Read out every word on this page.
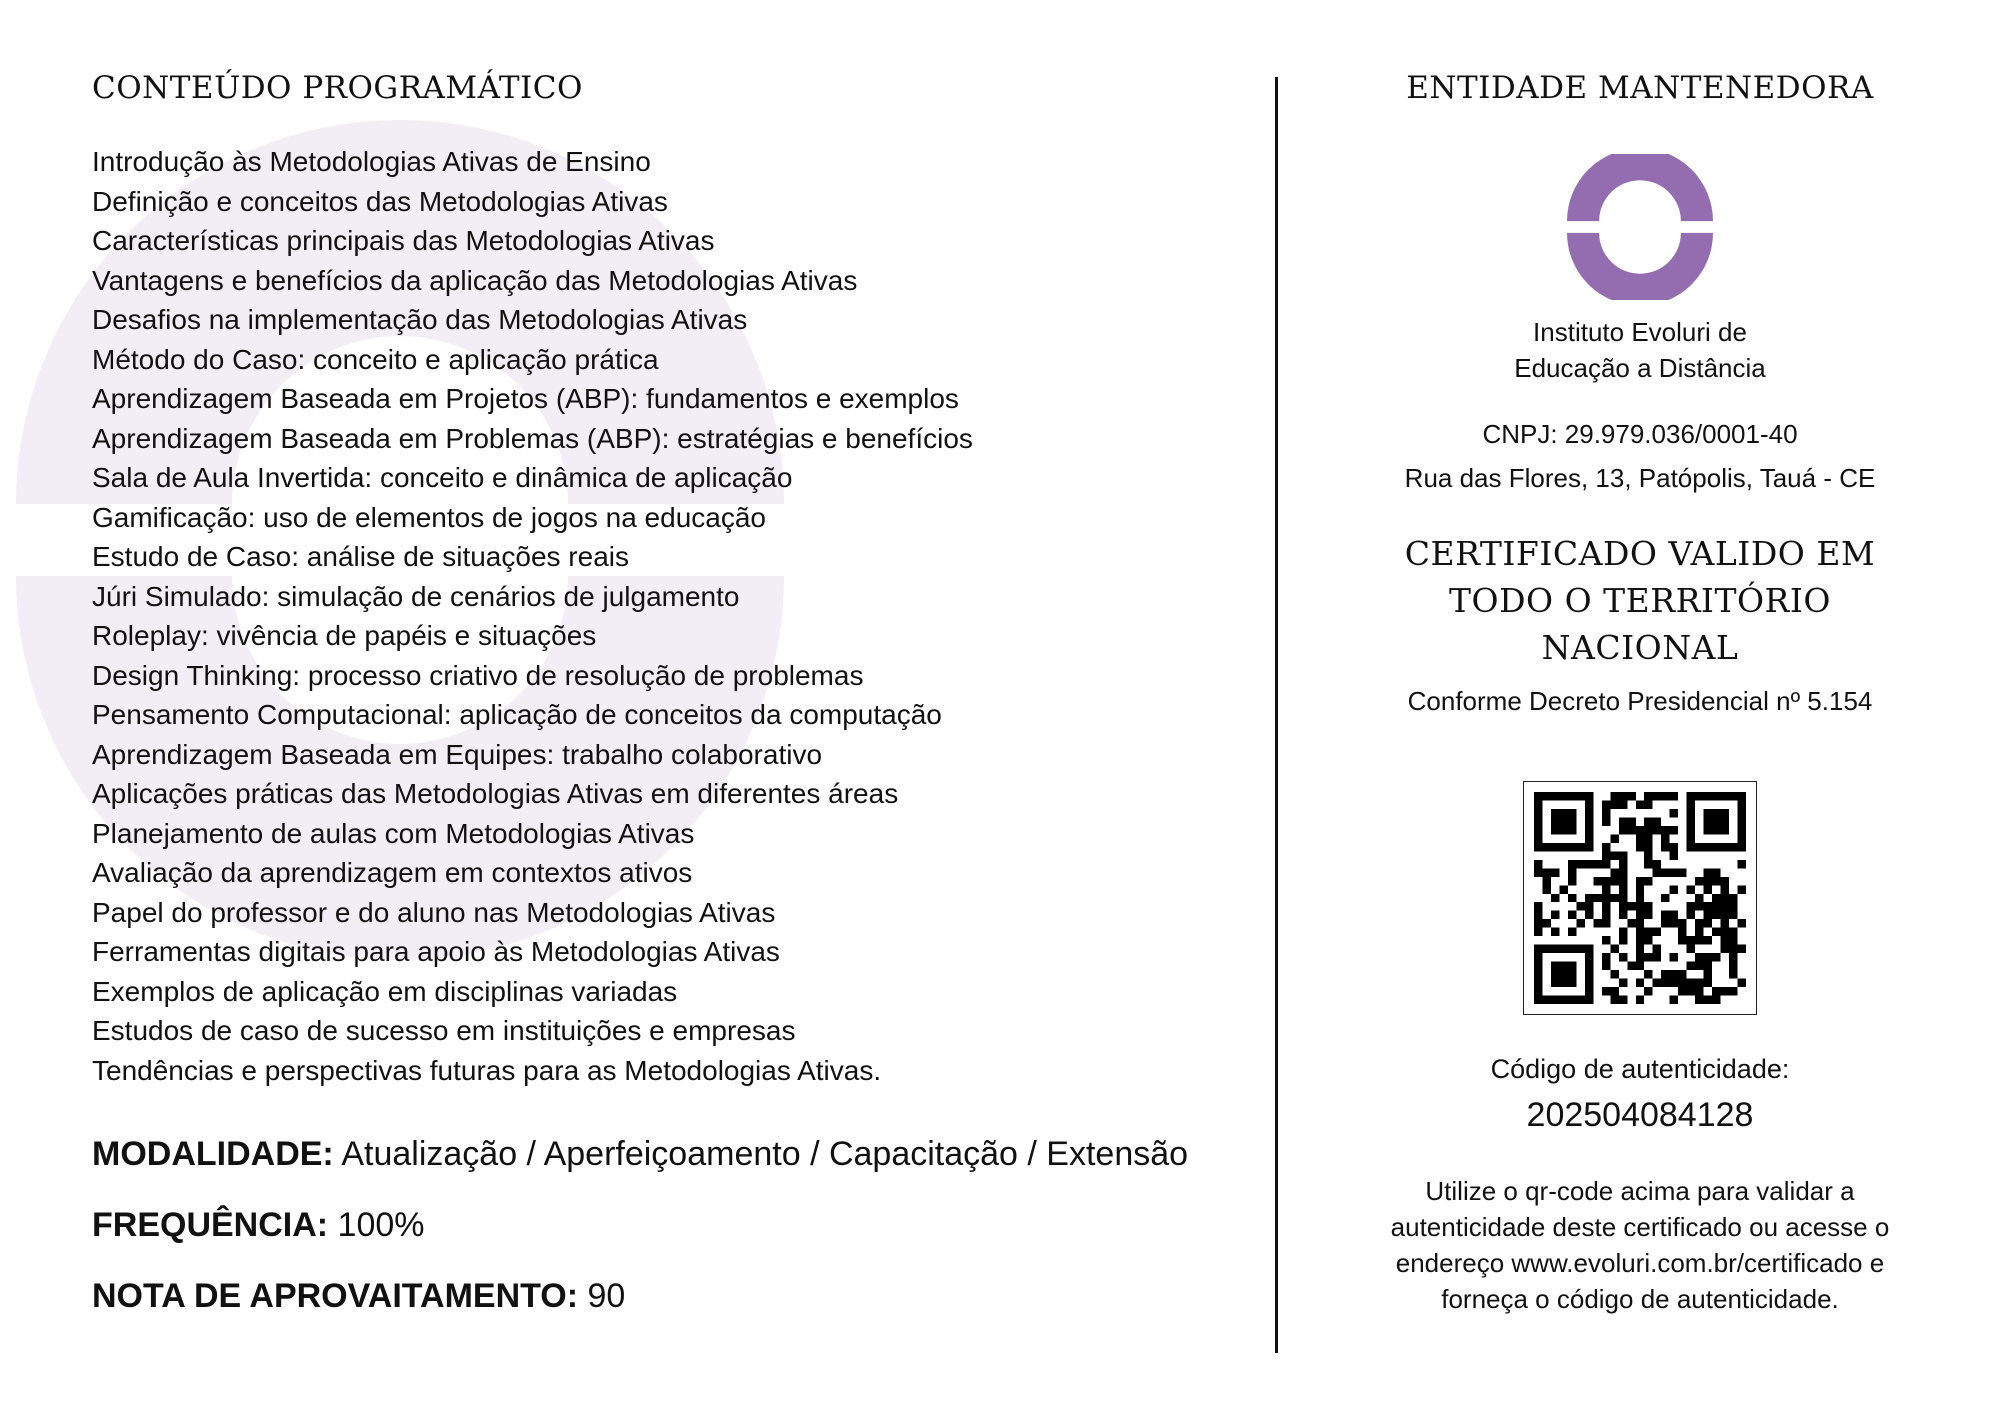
CONTEÚDO PROGRAMÁTICO
Introdução às Metodologias Ativas de Ensino
Definição e conceitos das Metodologias Ativas
Características principais das Metodologias Ativas
Vantagens e benefícios da aplicação das Metodologias Ativas
Desafios na implementação das Metodologias Ativas
Método do Caso: conceito e aplicação prática
Aprendizagem Baseada em Projetos (ABP): fundamentos e exemplos
Aprendizagem Baseada em Problemas (ABP): estratégias e benefícios
Sala de Aula Invertida: conceito e dinâmica de aplicação
Gamificação: uso de elementos de jogos na educação
Estudo de Caso: análise de situações reais
Júri Simulado: simulação de cenários de julgamento
Roleplay: vivência de papéis e situações
Design Thinking: processo criativo de resolução de problemas
Pensamento Computacional: aplicação de conceitos da computação
Aprendizagem Baseada em Equipes: trabalho colaborativo
Aplicações práticas das Metodologias Ativas em diferentes áreas
Planejamento de aulas com Metodologias Ativas
Avaliação da aprendizagem em contextos ativos
Papel do professor e do aluno nas Metodologias Ativas
Ferramentas digitais para apoio às Metodologias Ativas
Exemplos de aplicação em disciplinas variadas
Estudos de caso de sucesso em instituições e empresas
Tendências e perspectivas futuras para as Metodologias Ativas.
MODALIDADE: Atualização / Aperfeiçoamento / Capacitação / Extensão
FREQUÊNCIA: 100%
NOTA DE APROVAITAMENTO: 90
ENTIDADE MANTENEDORA

Instituto Evoluri de

Educação a Distância

CNPJ: 29.979.036/0001-40

Rua das Flores, 13, Patópolis, Tauá - CE

CERTIFICADO VALIDO EM TODO O TERRITÓRIO NACIONAL

Conforme Decreto Presidencial nº 5.154

Código de autenticidade:
202504084128
Utilize o qr-code acima para validar a autenticidade deste certificado ou acesse o endereço www.evoluri.com.br/certificado e forneça o código de autenticidade.
